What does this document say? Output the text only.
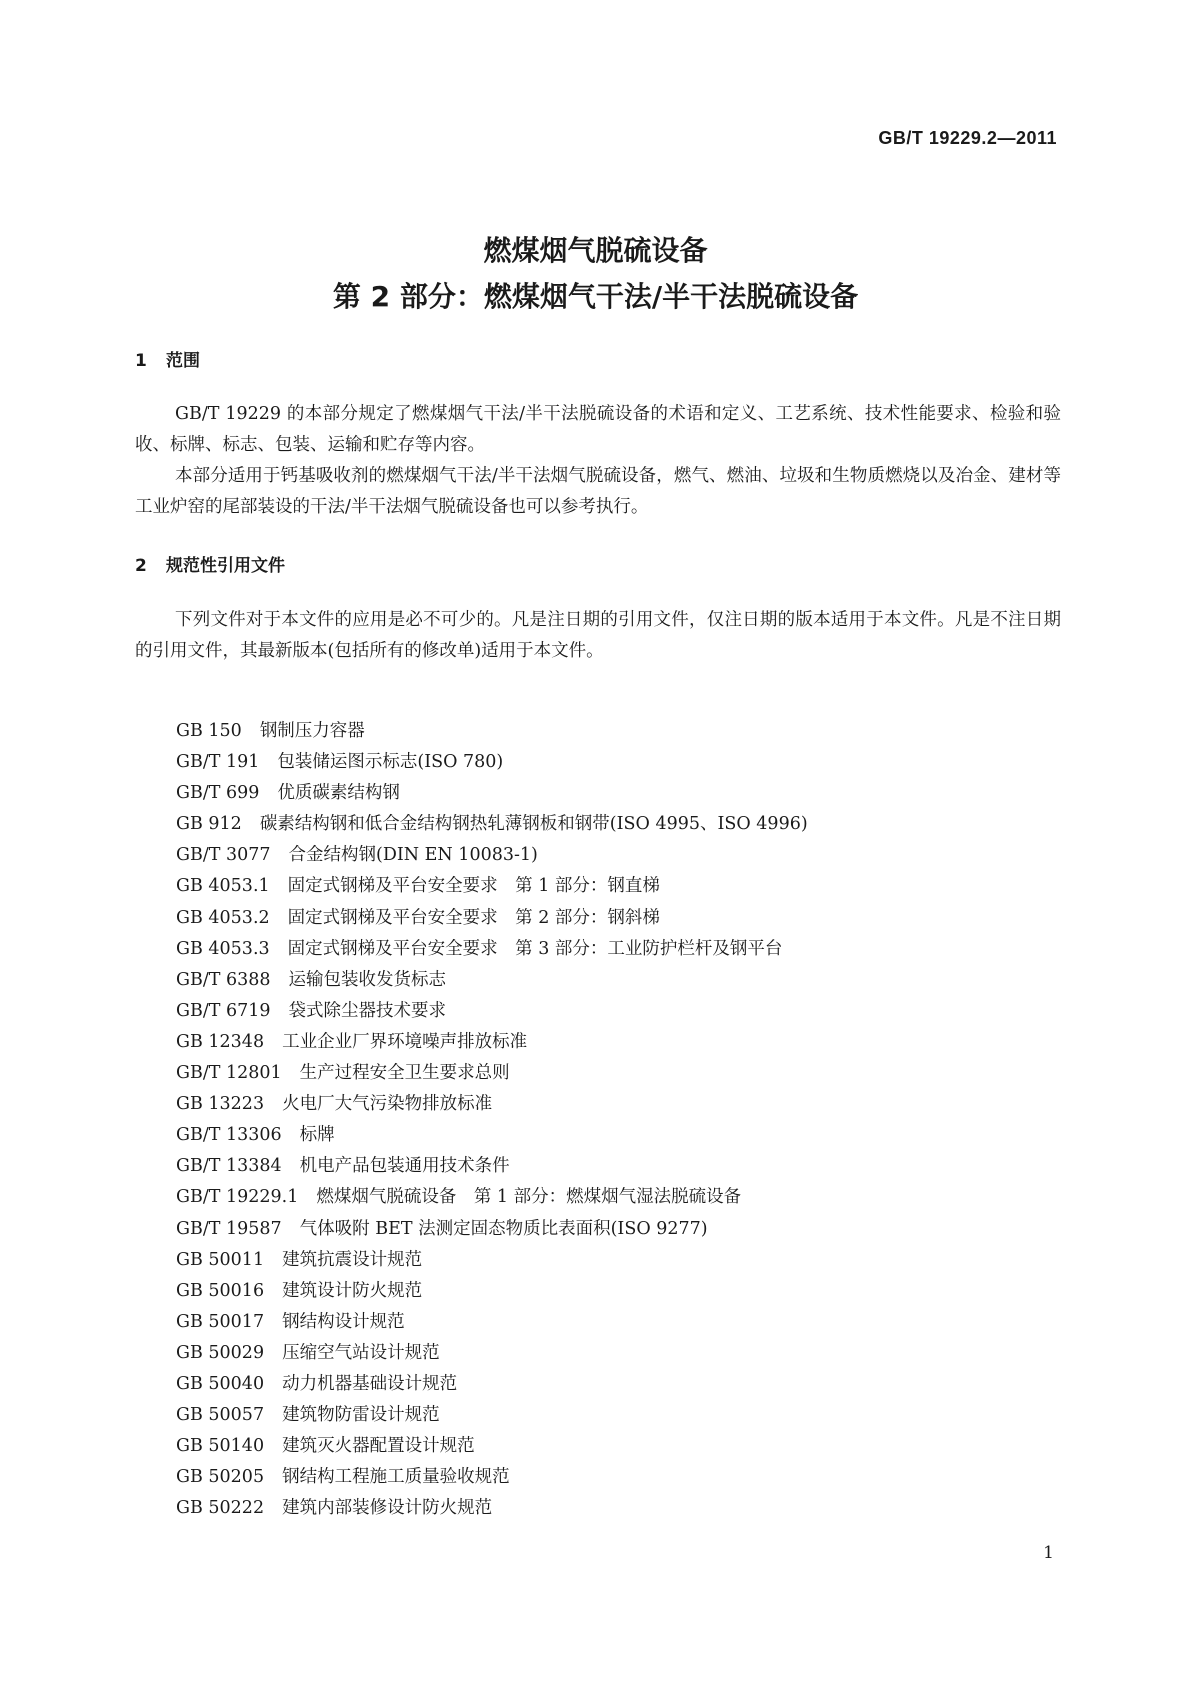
GB/T 19229.2—2011
燃煤烟气脱硫设备
第 2 部分：燃煤烟气干法/半干法脱硫设备
1 范围

GB/T 19229 的本部分规定了燃煤烟气干法/半干法脱硫设备的术语和定义、工艺系统、技术性能要求、检验和验收、标牌、标志、包装、运输和贮存等内容。

本部分适用于钙基吸收剂的燃煤烟气干法/半干法烟气脱硫设备，燃气、燃油、垃圾和生物质燃烧以及冶金、建材等工业炉窑的尾部装设的干法/半干法烟气脱硫设备也可以参考执行。

2 规范性引用文件

下列文件对于本文件的应用是必不可少的。凡是注日期的引用文件，仅注日期的版本适用于本文件。凡是不注日期的引用文件，其最新版本(包括所有的修改单)适用于本文件。

GB 150 钢制压力容器
GB/T 191 包装储运图示标志(ISO 780)
GB/T 699 优质碳素结构钢
GB 912 碳素结构钢和低合金结构钢热轧薄钢板和钢带(ISO 4995、ISO 4996)
GB/T 3077 合金结构钢(DIN EN 10083-1)
GB 4053.1 固定式钢梯及平台安全要求　第 1 部分：钢直梯
GB 4053.2 固定式钢梯及平台安全要求　第 2 部分：钢斜梯
GB 4053.3 固定式钢梯及平台安全要求　第 3 部分：工业防护栏杆及钢平台
GB/T 6388 运输包装收发货标志
GB/T 6719 袋式除尘器技术要求
GB 12348 工业企业厂界环境噪声排放标准
GB/T 12801 生产过程安全卫生要求总则
GB 13223 火电厂大气污染物排放标准
GB/T 13306 标牌
GB/T 13384 机电产品包装通用技术条件
GB/T 19229.1 燃煤烟气脱硫设备　第 1 部分：燃煤烟气湿法脱硫设备
GB/T 19587 气体吸附 BET 法测定固态物质比表面积(ISO 9277)
GB 50011 建筑抗震设计规范
GB 50016 建筑设计防火规范
GB 50017 钢结构设计规范
GB 50029 压缩空气站设计规范
GB 50040 动力机器基础设计规范
GB 50057 建筑物防雷设计规范
GB 50140 建筑灭火器配置设计规范
GB 50205 钢结构工程施工质量验收规范
GB 50222 建筑内部装修设计防火规范
1
